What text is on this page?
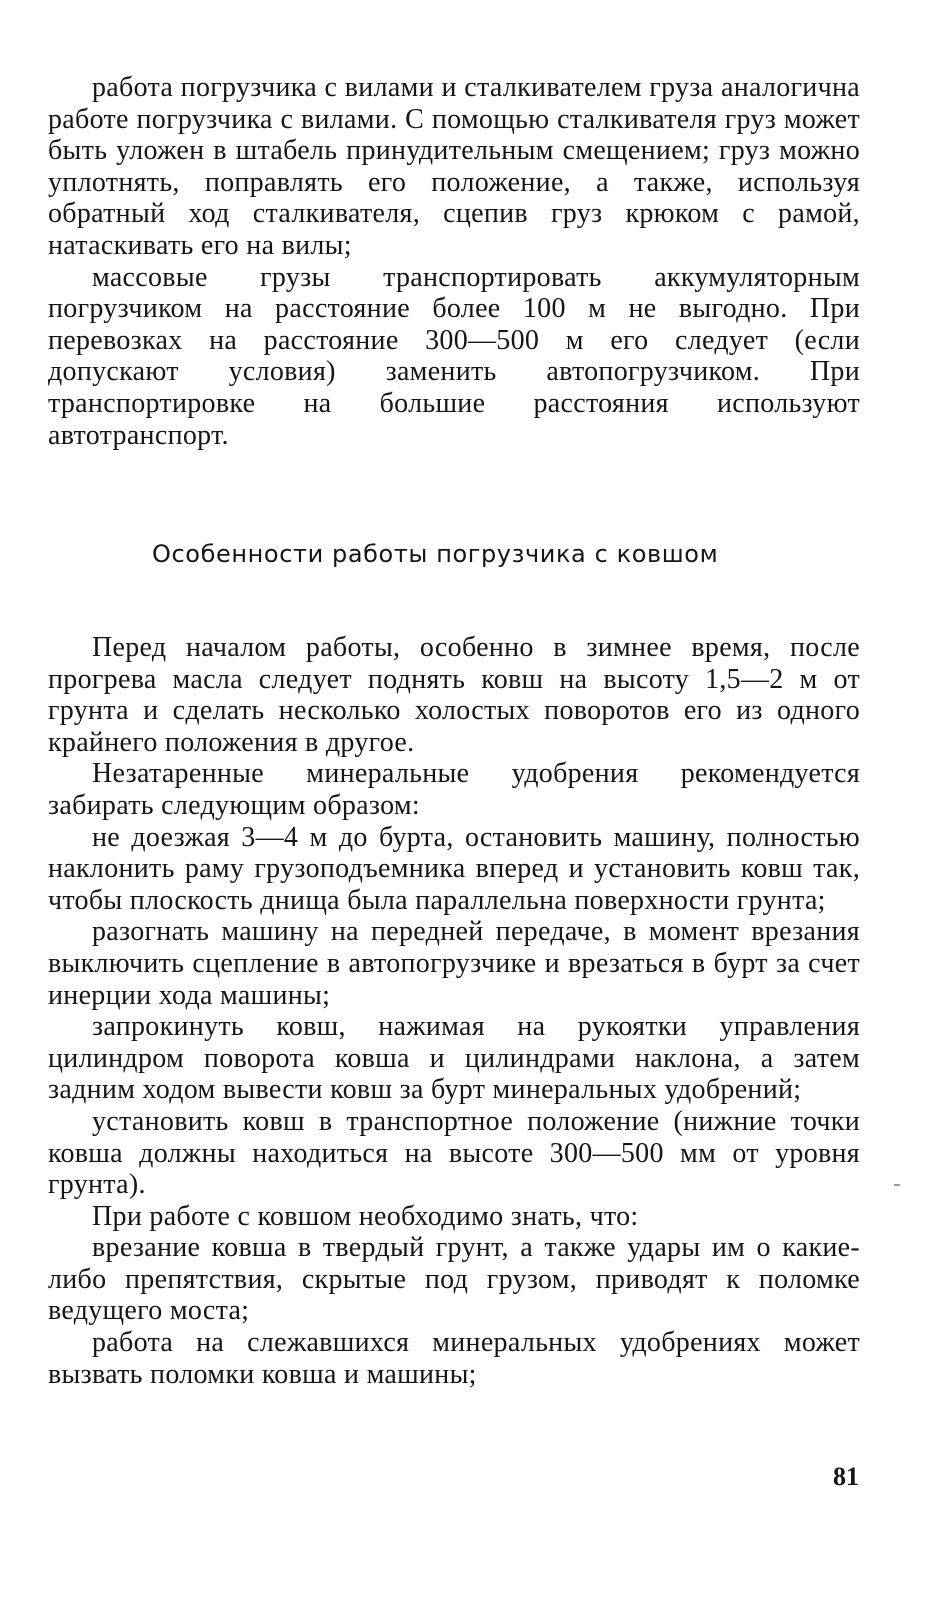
работа погрузчика с вилами и сталкивателем груза аналогична работе погрузчика с вилами. С помощью сталкивателя груз может быть уложен в штабель принудительным смещением; груз можно уплотнять, поправлять его положение, а также, используя обратный ход сталкивателя, сцепив груз крюком с рамой, натаскивать его на вилы;

массовые грузы транспортировать аккумуляторным погрузчиком на расстояние более 100 м не выгодно. При перевозках на расстояние 300—500 м его следует (если допускают условия) заменить автопогрузчиком. При транспортировке на большие расстояния используют автотранспорт.

Особенности работы погрузчика с ковшом

Перед началом работы, особенно в зимнее время, после прогрева масла следует поднять ковш на высоту 1,5—2 м от грунта и сделать несколько холостых поворотов его из одного крайнего положения в другое.

Незатаренные минеральные удобрения рекомендуется забирать следующим образом:

не доезжая 3—4 м до бурта, остановить машину, полностью наклонить раму грузоподъемника вперед и установить ковш так, чтобы плоскость днища была параллельна поверхности грунта;

разогнать машину на передней передаче, в момент врезания выключить сцепление в автопогрузчике и врезаться в бурт за счет инерции хода машины;

запрокинуть ковш, нажимая на рукоятки управления цилиндром поворота ковша и цилиндрами наклона, а затем задним ходом вывести ковш за бурт минеральных удобрений;

установить ковш в транспортное положение (нижние точки ковша должны находиться на высоте 300—500 мм от уровня грунта).

При работе с ковшом необходимо знать, что:

врезание ковша в твердый грунт, а также удары им о какие-либо препятствия, скрытые под грузом, приводят к поломке ведущего моста;

работа на слежавшихся минеральных удобрениях может вызвать поломки ковша и машины;

81
